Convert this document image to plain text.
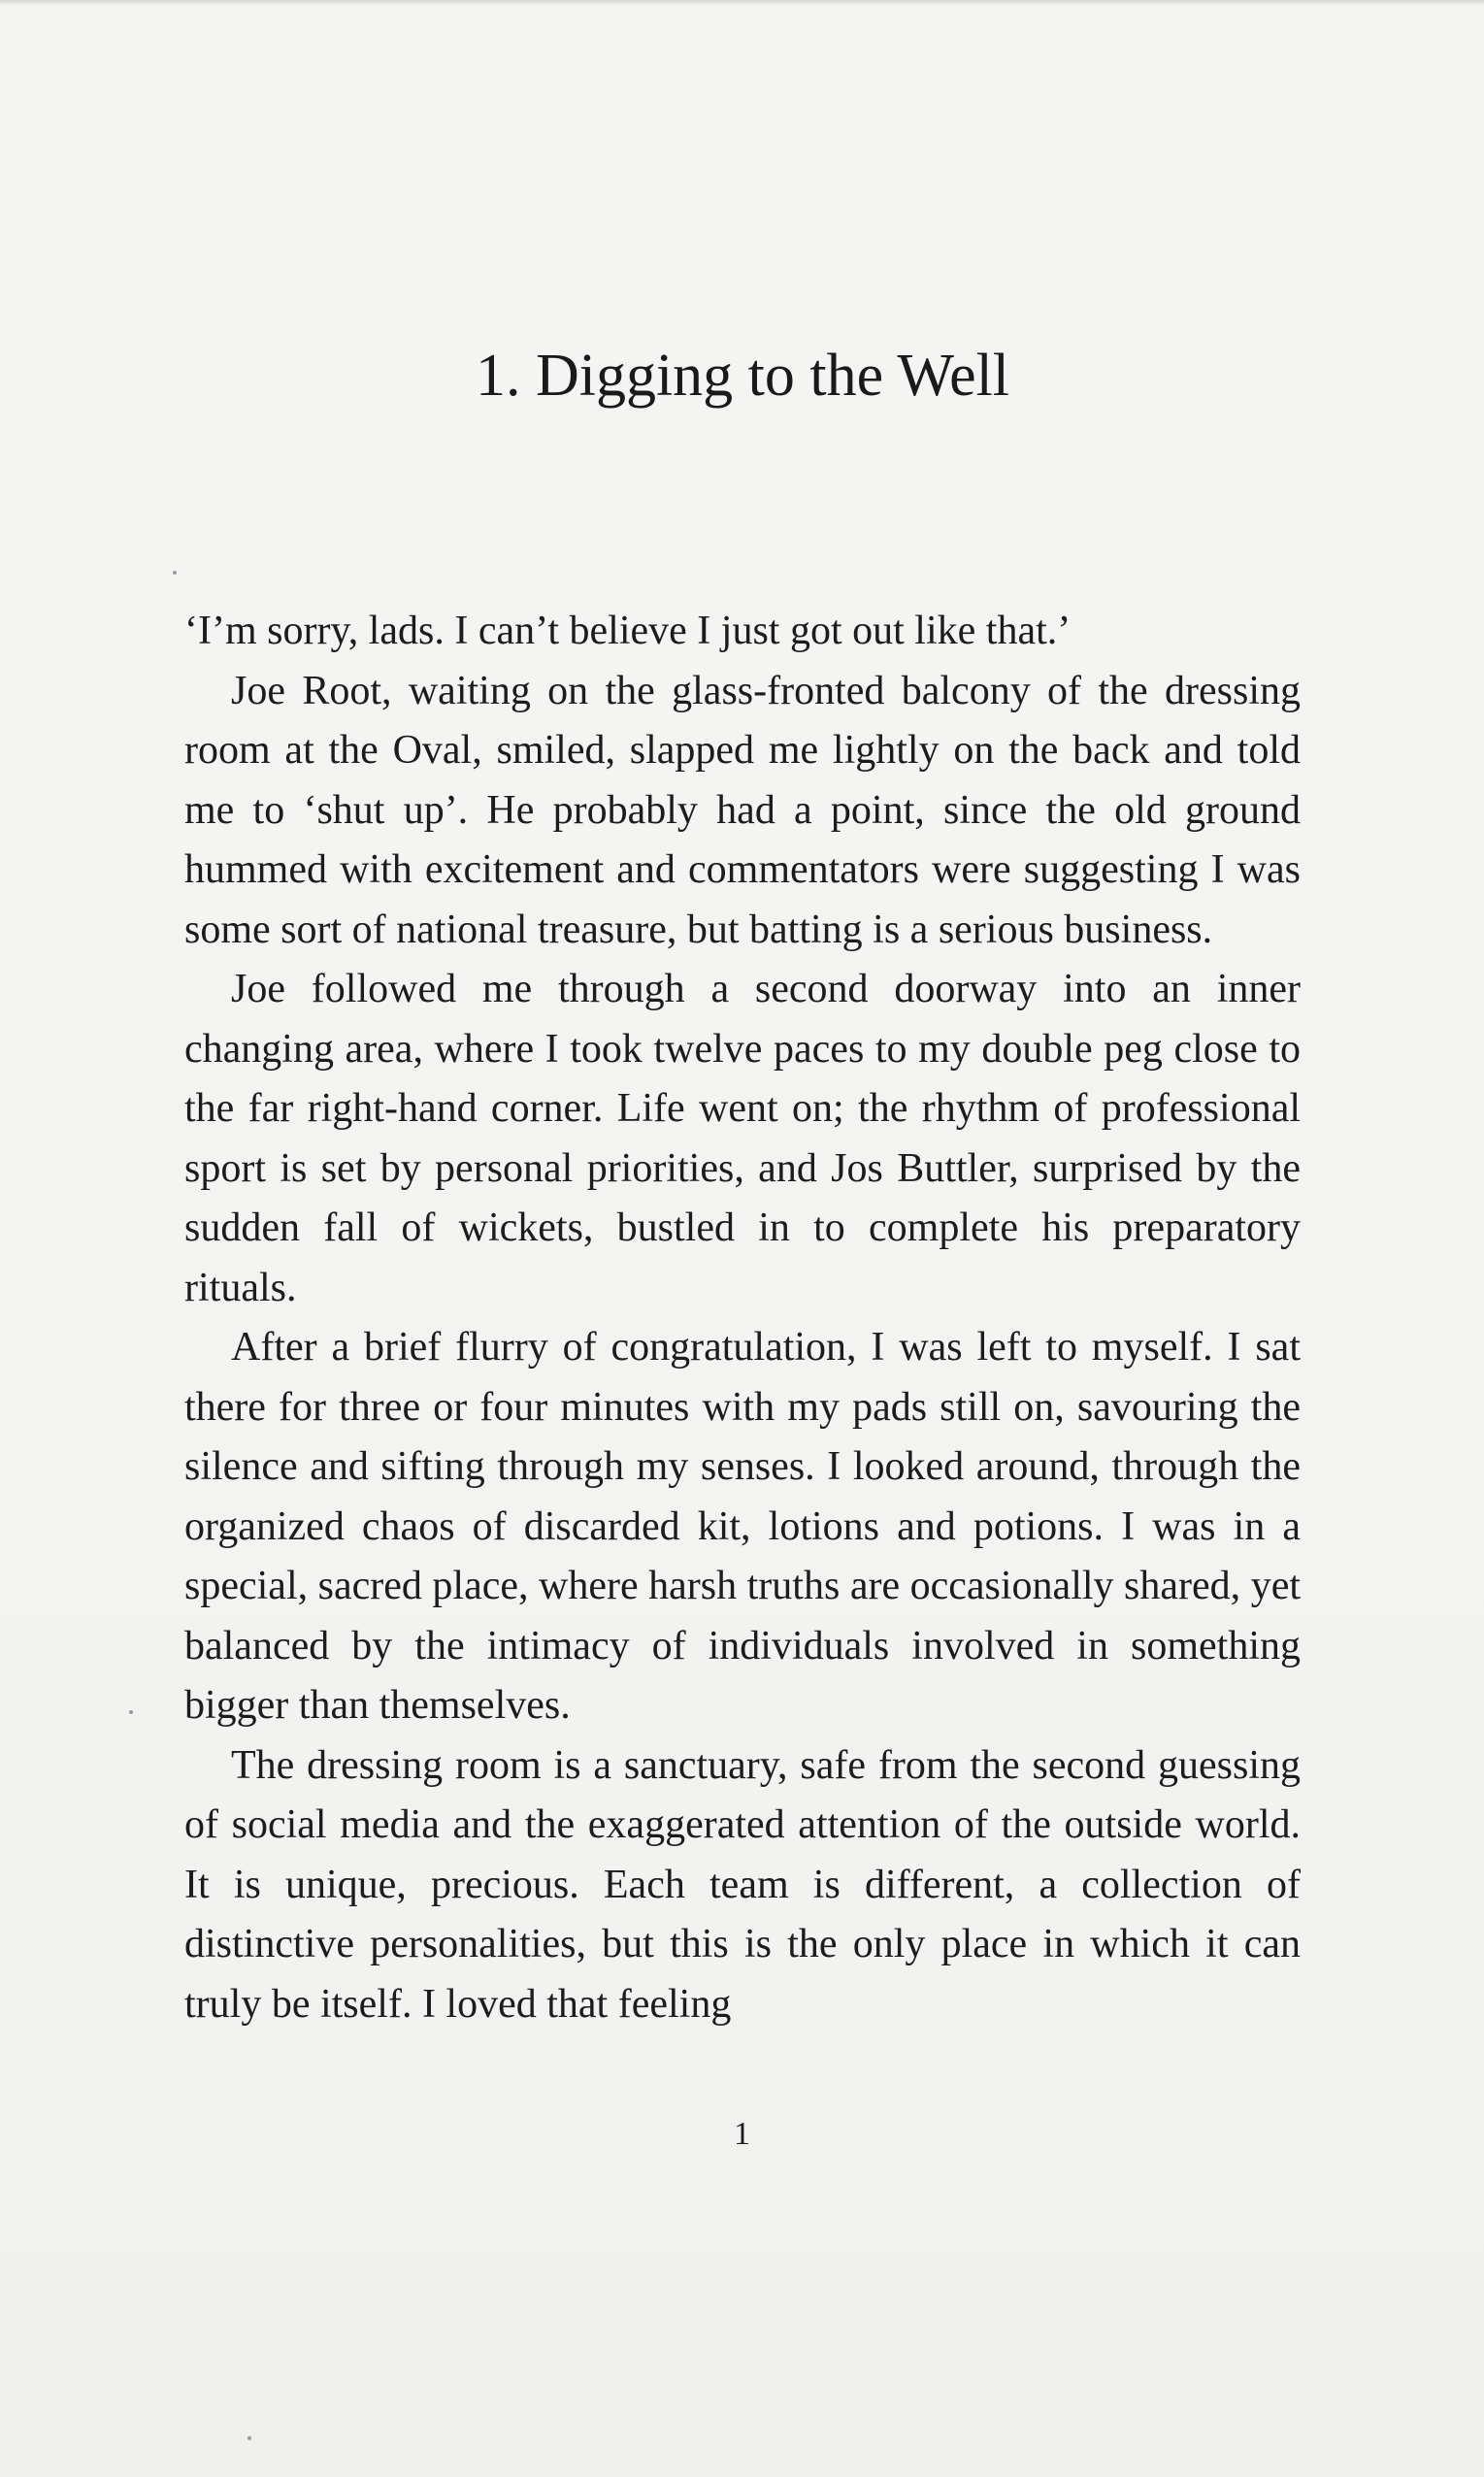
1. Digging to the Well

‘I’m sorry, lads. I can’t believe I just got out like that.’

Joe Root, waiting on the glass-fronted balcony of the dressing room at the Oval, smiled, slapped me lightly on the back and told me to ‘shut up’. He probably had a point, since the old ground hummed with excitement and commentators were suggesting I was some sort of national treasure, but batting is a serious business.

Joe followed me through a second doorway into an inner changing area, where I took twelve paces to my double peg close to the far right-hand corner. Life went on; the rhythm of professional sport is set by personal priorities, and Jos Buttler, surprised by the sudden fall of wickets, bustled in to complete his preparatory rituals.

After a brief flurry of congratulation, I was left to myself. I sat there for three or four minutes with my pads still on, savouring the silence and sifting through my senses. I looked around, through the organized chaos of discarded kit, lotions and potions. I was in a special, sacred place, where harsh truths are occasionally shared, yet balanced by the intimacy of individuals involved in something bigger than themselves.

The dressing room is a sanctuary, safe from the second guessing of social media and the exaggerated attention of the outside world. It is unique, precious. Each team is different, a collection of distinctive personalities, but this is the only place in which it can truly be itself. I loved that feeling

1
